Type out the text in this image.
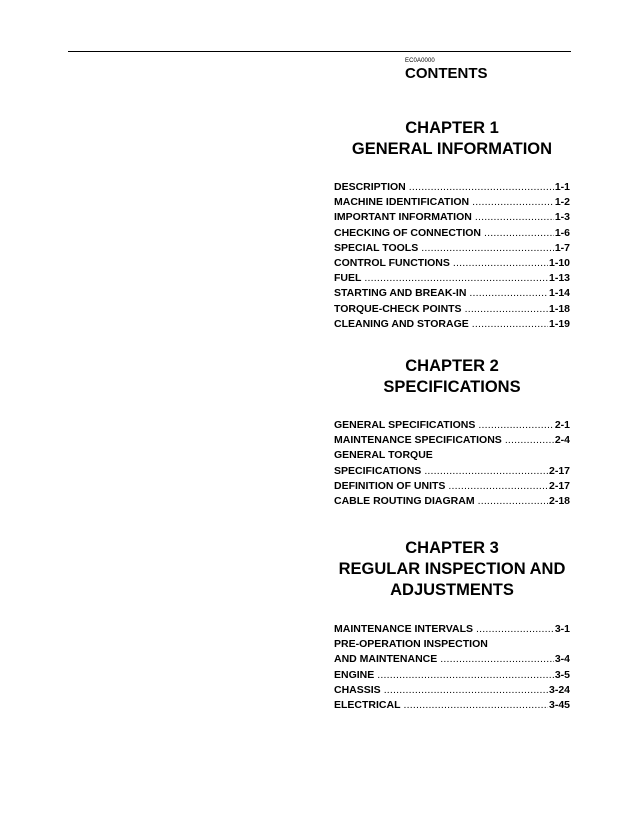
EC0A0000
CONTENTS
CHAPTER 1
GENERAL INFORMATION
DESCRIPTION .....	1-1
MACHINE IDENTIFICATION .....	1-2
IMPORTANT INFORMATION .....	1-3
CHECKING OF CONNECTION .....	1-6
SPECIAL TOOLS .....	1-7
CONTROL FUNCTIONS .....	1-10
FUEL .....	1-13
STARTING AND BREAK-IN .....	1-14
TORQUE-CHECK POINTS .....	1-18
CLEANING AND STORAGE .....	1-19
CHAPTER 2
SPECIFICATIONS
GENERAL SPECIFICATIONS .....	2-1
MAINTENANCE SPECIFICATIONS .....	2-4
GENERAL TORQUE
SPECIFICATIONS .....	2-17
DEFINITION OF UNITS .....	2-17
CABLE ROUTING DIAGRAM .....	2-18
CHAPTER 3
REGULAR INSPECTION AND
ADJUSTMENTS
MAINTENANCE INTERVALS .....	3-1
PRE-OPERATION INSPECTION
AND MAINTENANCE .....	3-4
ENGINE .....	3-5
CHASSIS .....	3-24
ELECTRICAL .....	3-45
